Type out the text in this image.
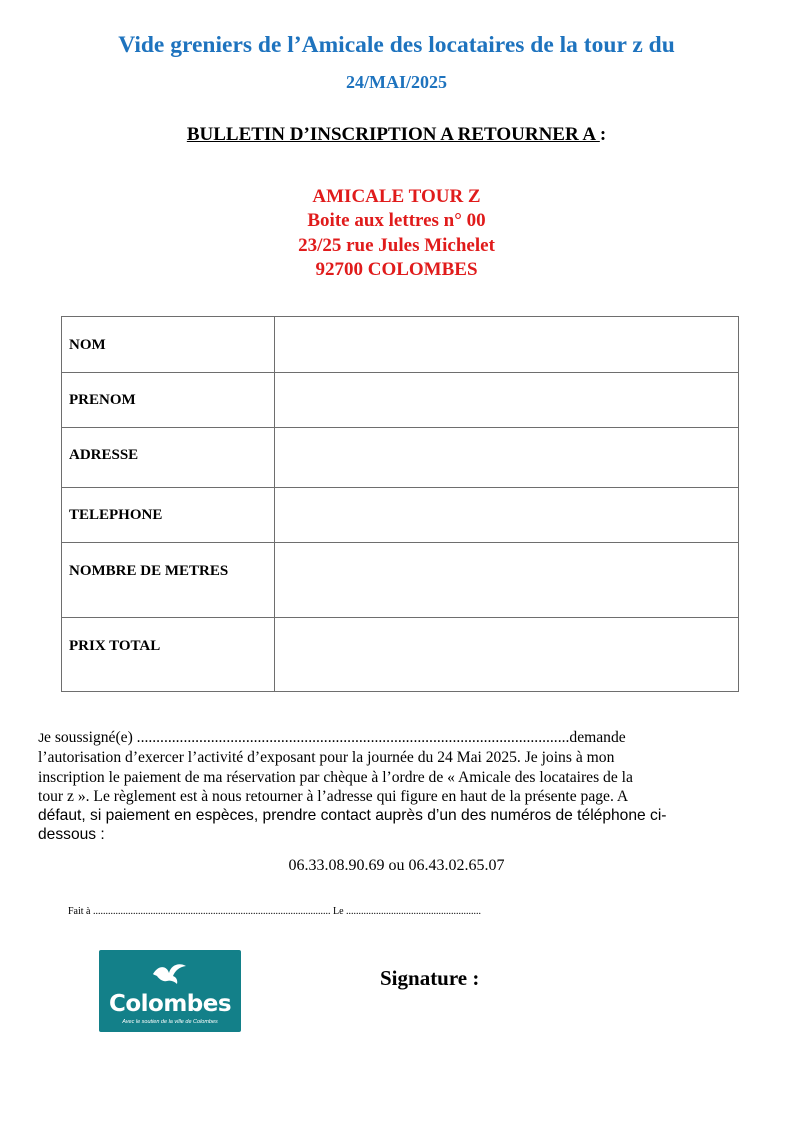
Vide greniers de l’Amicale des locataires de la tour z du
24/MAI/2025
BULLETIN D’INSCRIPTION A RETOURNER A :
AMICALE TOUR Z
Boite aux lettres n° 00
23/25 rue Jules Michelet
92700 COLOMBES
NOM	

PRENOM	

ADRESSE	

TELEPHONE	

NOMBRE DE METRES	

PRIX TOTAL	

Je soussigné(e) ...............................................................................................................demande
l’autorisation d’exercer l’activité d’exposant pour la journée du 24 Mai 2025. Je joins à mon
inscription le paiement de ma réservation par chèque à l’ordre de « Amicale des locataires de la
tour z ». Le règlement est à nous retourner à l’adresse qui figure en haut de la présente page. A
défaut, si paiement en espèces, prendre contact auprès d’un des numéros de téléphone ci-
dessous :
06.33.08.90.69 ou 06.43.02.65.07
Fait à ............................................................................................... Le ......................................................
Colombes
Avec le soutien de la ville de Colombes
Signature :
